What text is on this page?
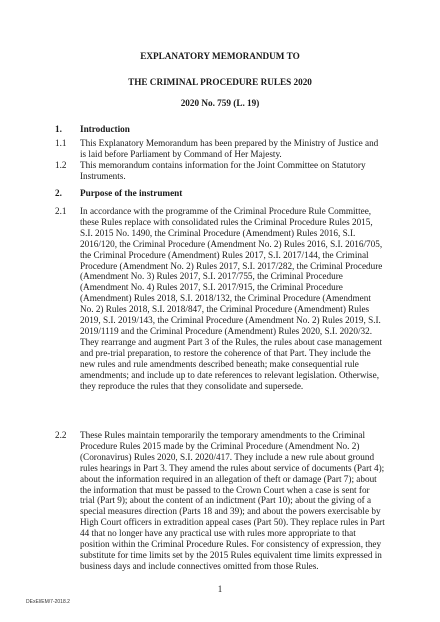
EXPLANATORY MEMORANDUM TO
THE CRIMINAL PROCEDURE RULES 2020
2020 No. 759 (L. 19)
1. Introduction
1.1 This Explanatory Memorandum has been prepared by the Ministry of Justice and is laid before Parliament by Command of Her Majesty.
1.2 This memorandum contains information for the Joint Committee on Statutory Instruments.
2. Purpose of the instrument
2.1 In accordance with the programme of the Criminal Procedure Rule Committee, these Rules replace with consolidated rules the Criminal Procedure Rules 2015, S.I. 2015 No. 1490, the Criminal Procedure (Amendment) Rules 2016, S.I. 2016/120, the Criminal Procedure (Amendment No. 2) Rules 2016, S.I. 2016/705, the Criminal Procedure (Amendment) Rules 2017, S.I. 2017/144, the Criminal Procedure (Amendment No. 2) Rules 2017, S.I. 2017/282, the Criminal Procedure (Amendment No. 3) Rules 2017, S.I. 2017/755, the Criminal Procedure (Amendment No. 4) Rules 2017, S.I. 2017/915, the Criminal Procedure (Amendment) Rules 2018, S.I. 2018/132, the Criminal Procedure (Amendment No. 2) Rules 2018, S.I. 2018/847, the Criminal Procedure (Amendment) Rules 2019, S.I. 2019/143, the Criminal Procedure (Amendment No. 2) Rules 2019, S.I. 2019/1119 and the Criminal Procedure (Amendment) Rules 2020, S.I. 2020/32. They rearrange and augment Part 3 of the Rules, the rules about case management and pre-trial preparation, to restore the coherence of that Part. They include the new rules and rule amendments described beneath; make consequential rule amendments; and include up to date references to relevant legislation. Otherwise, they reproduce the rules that they consolidate and supersede.
2.2 These Rules maintain temporarily the temporary amendments to the Criminal Procedure Rules 2015 made by the Criminal Procedure (Amendment No. 2) (Coronavirus) Rules 2020, S.I. 2020/417. They include a new rule about ground rules hearings in Part 3. They amend the rules about service of documents (Part 4); about the information required in an allegation of theft or damage (Part 7); about the information that must be passed to the Crown Court when a case is sent for trial (Part 9); about the content of an indictment (Part 10); about the giving of a special measures direction (Parts 18 and 39); and about the powers exercisable by High Court officers in extradition appeal cases (Part 50). They replace rules in Part 44 that no longer have any practical use with rules more appropriate to that position within the Criminal Procedure Rules. For consistency of expression, they substitute for time limits set by the 2015 Rules equivalent time limits expressed in business days and include connectives omitted from those Rules.
1
DExEl/EM/7-2018.2
